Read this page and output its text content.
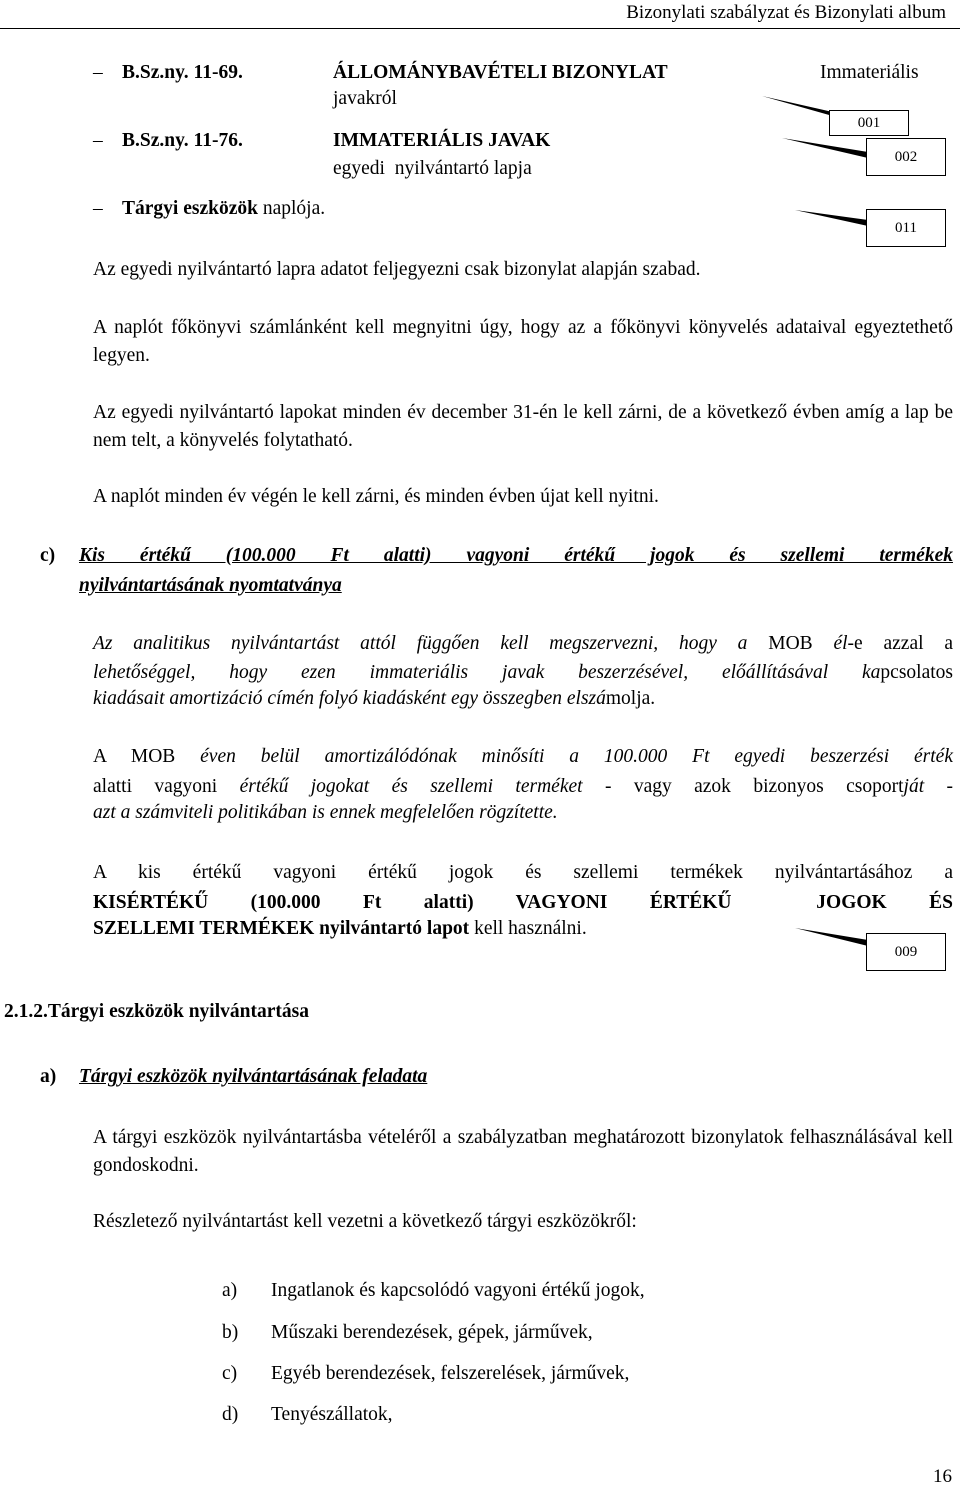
Bizonylati szabályzat és Bizonylati album
– B.Sz.ny. 11-69.	ÁLLOMÁNYBAVÉTELI BIZONYLAT
javakról
Immateriális
– B.Sz.ny. 11-76.	IMMATERIÁLIS JAVAK
egyedi  nyilvántartó lapja
– Tárgyi eszközök naplója.
001
002
011
009
Az egyedi nyilvántartó lapra adatot feljegyezni csak bizonylat alapján szabad.
A naplót főkönyvi számlánként kell megnyitni úgy, hogy az a főkönyvi könyvelés adataival egyeztethető legyen.
Az egyedi nyilvántartó lapokat minden év december 31-én le kell zárni, de a következő évben amíg a lap be nem telt, a könyvelés folytatható.
A naplót minden év végén le kell zárni, és minden évben újat kell nyitni.
c) Kis értékű (100.000 Ft alatti) vagyoni értékű jogok és szellemi termékek
nyilvántartásának nyomtatványa
Az analitikus nyilvántartást attól függően kell megszervezni, hogy a MOB él-e azzal a
lehetőséggel, hogy ezen immateriális javak beszerzésével, előállításával kapcsolatos
kiadásait amortizáció címén folyó kiadásként egy összegben elszámolja.
A MOB éven belül amortizálódónak minősíti a 100.000 Ft egyedi beszerzési érték
alatti vagyoni értékű jogokat és szellemi terméket - vagy azok bizonyos csoportját -
azt a számviteli politikában is ennek megfelelően rögzítette.
A kis értékű vagyoni értékű jogok és szellemi termékek nyilvántartásához a
KISÉRTÉKŰ (100.000 Ft alatti) VAGYONI ÉRTÉKŰ  JOGOK ÉS
SZELLEMI TERMÉKEK nyilvántartó lapot kell használni.
2.1.2.Tárgyi eszközök nyilvántartása
a) Tárgyi eszközök nyilvántartásának feladata
A tárgyi eszközök nyilvántartásba vételéről a szabályzatban meghatározott bizonylatok felhasználásával kell gondoskodni.
Részletező nyilvántartást kell vezetni a következő tárgyi eszközökről:
a) Ingatlanok és kapcsolódó vagyoni értékű jogok,
b) Műszaki berendezések, gépek, járművek,
c) Egyéb berendezések, felszerelések, járművek,
d) Tenyészállatok,
16
